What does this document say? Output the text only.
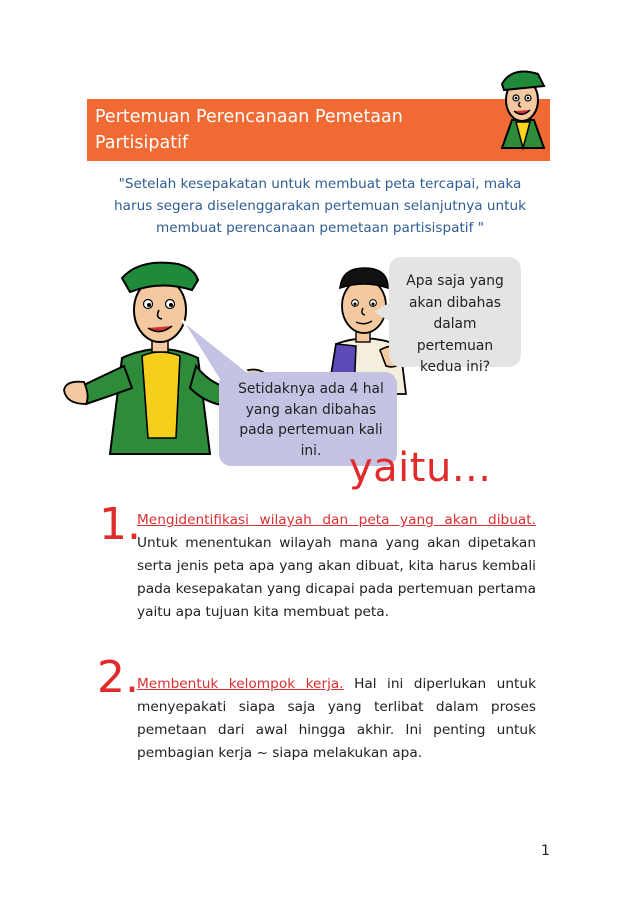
Pertemuan Perencanaan Pemetaan Partisipatif
"Setelah kesepakatan untuk membuat peta tercapai, maka harus segera diselenggarakan pertemuan selanjutnya untuk membuat perencanaan pemetaan partisispatif "
Apa saja yang akan dibahas dalam pertemuan kedua ini?
Setidaknya ada 4 hal yang akan dibahas pada pertemuan kali ini. yaitu...
1.
Mengidentifikasi wilayah dan peta yang akan dibuat. Untuk menentukan wilayah mana yang akan dipetakan serta jenis peta apa yang akan dibuat, kita harus kembali pada kesepakatan yang dicapai pada pertemuan pertama yaitu apa tujuan kita membuat peta.
2.
Membentuk kelompok kerja. Hal ini diperlukan untuk menyepakati siapa saja yang terlibat dalam proses pemetaan dari awal hingga akhir. Ini penting untuk pembagian kerja ~ siapa melakukan apa.
1
